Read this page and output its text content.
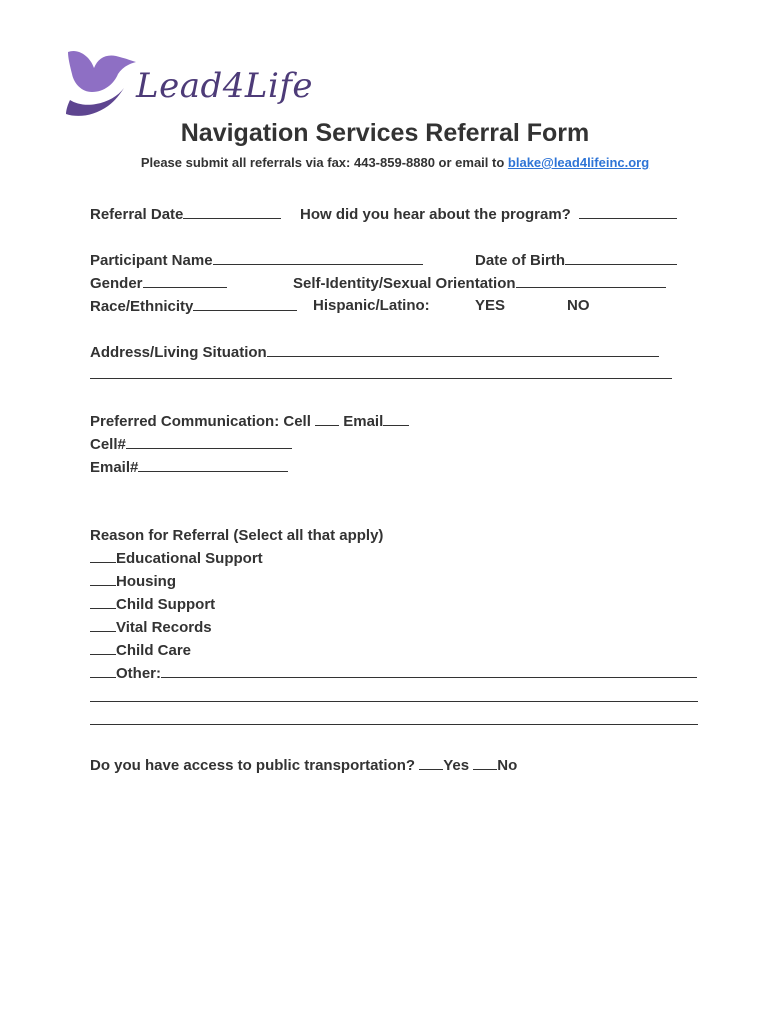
Lead4Life
Navigation Services Referral Form
Please submit all referrals via fax: 443-859-8880 or email to blake@lead4lifeinc.org
Referral Date	How did you hear about the program?
Participant Name	Date of Birth
Gender	Self-Identity/Sexual Orientation
Race/Ethnicity	Hispanic/Latino:	YES	NO
Address/Living Situation
Preferred Communication: Cell Email
Cell#
Email#
Reason for Referral (Select all that apply)
Educational Support
Housing
Child Support
Vital Records
Child Care
Other:
Do you have access to public transportation? Yes No
